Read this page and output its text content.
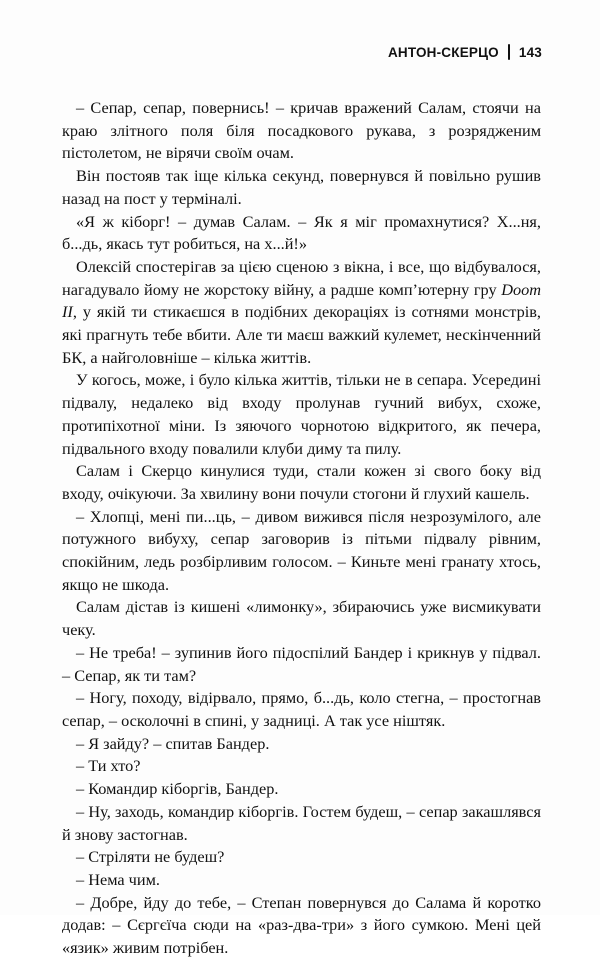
АНТОН-СКЕРЦО 143

– Сепар, сепар, повернись! – кричав вражений Салам, стоячи на краю злітного поля біля посадкового рукава, з розрядженим пістолетом, не вірячи своїм очам.

Він постояв так іще кілька секунд, повернувся й повільно рушив назад на пост у терміналі.

«Я ж кіборг! – думав Салам. – Як я міг промахнутися? Х...ня, б...дь, якась тут робиться, на х...й!»

Олексій спостерігав за цією сценою з вікна, і все, що відбувалося, нагадувало йому не жорстоку війну, а радше комп’ютерну гру Doom II, у якій ти стикаєшся в подібних декораціях із сотнями монстрів, які прагнуть тебе вбити. Але ти маєш важкий кулемет, нескінченний БК, а найголовніше – кілька життів.

У когось, може, і було кілька життів, тільки не в сепара. Усередині підвалу, недалеко від входу пролунав гучний вибух, схоже, протипіхотної міни. Із зяючого чорнотою відкритого, як печера, підвального входу повалили клуби диму та пилу.

Салам і Скерцо кинулися туди, стали кожен зі свого боку від входу, очікуючи. За хвилину вони почули стогони й глухий кашель.

– Хлопці, мені пи...ць, – дивом вижився після незрозумілого, але потужного вибуху, сепар заговорив із пітьми підвалу рівним, спокійним, ледь розбірливим голосом. – Киньте мені гранату хтось, якщо не шкода.

Салам дістав із кишені «лимонку», збираючись уже висмикувати чеку.

– Не треба! – зупинив його підоспілий Бандер і крикнув у підвал. – Сепар, як ти там?

– Ногу, походу, відірвало, прямо, б...дь, коло стегна, – простогнав сепар, – осколочні в спині, у задниці. А так усе ніштяк.

– Я зайду? – спитав Бандер.

– Ти хто?

– Командир кіборгів, Бандер.

– Ну, заходь, командир кіборгів. Гостем будеш, – сепар закашлявся й знову застогнав.

– Стріляти не будеш?

– Нема чим.

– Добре, йду до тебе, – Степан повернувся до Салама й коротко додав: – Сєргєїча сюди на «раз-два-три» з його сумкою. Мені цей «язик» живим потрібен.
